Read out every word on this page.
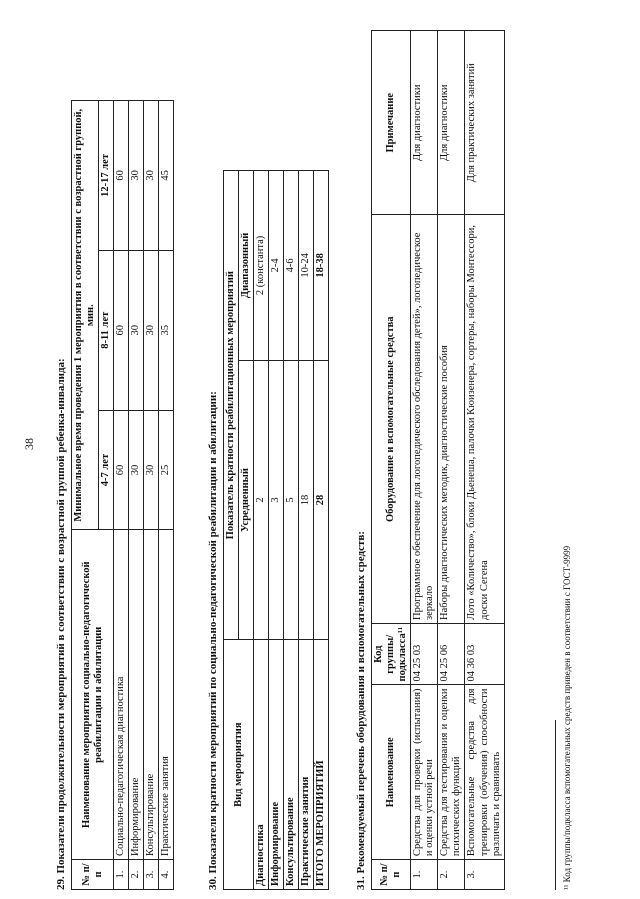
38 29. Показатели продолжительности мероприятий в соответствии с возрастной группой ребенка-инвалида: № п/п	Наименование мероприятия социально-педагогической реабилитации и абилитации	Минимальное время проведения 1 мероприятия в соответствии с возрастной группой, мин.		
		4-7 лет	8-11 лет	12-17 лет
1.	Социально-педагогическая диагностика	60	60	60
2.	Информирование	30	30	30
3.	Консультирование	30	30	30
4.	Практические занятия	25	35	45
30. Показатели кратности мероприятий по социально-педагогической реабилитации и абилитации: Вид мероприятия	Показатель кратности реабилитационных мероприятий	
	Усредненный	Диапазонный
Диагностика	2	2 (константа)
Информирование	3	2-4
Консультирование	5	4-6
Практические занятия	18	10-24
ИТОГО МЕРОПРИЯТИЙ	28	18-38
31. Рекомендуемый перечень оборудования и вспомогательных средств: № п/п	Наименование	Код группы/ подкласса¹¹	Оборудование и вспомогательные средства	Примечание
1.	Средства для проверки (испытания) и оценки устной речи	04 25 03	Программное обеспечение для логопедического обследования детей», логопедическое зеркало	Для диагностики
2.	Средства для тестирования и оценки психических функций	04 25 06	Наборы диагностических методик, диагностические пособия	Для диагностики
3.	Вспомогательные средства для тренировки (обучения) способности различать и сравнивать	04 36 03	Лото «Количество», блоки Дьенеша, палочки Кюизенера, сортеры, наборы Монтессори, доски Сегена	Для практических занятий
¹¹ Код группы/подкласса вспомогательных средств приведен в соответствии с ГОСТ-9999
